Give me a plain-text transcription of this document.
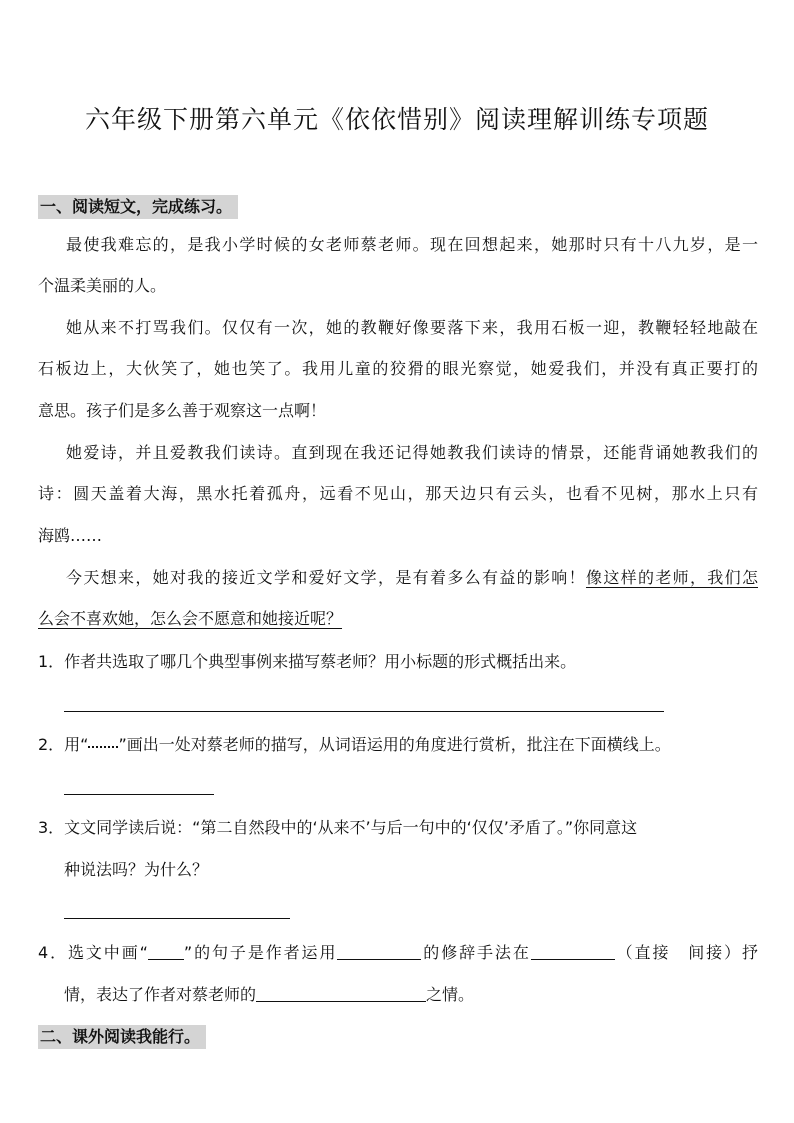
六年级下册第六单元《依依惜别》阅读理解训练专项题
一、阅读短文，完成练习。
最使我难忘的，是我小学时候的女老师蔡老师。现在回想起来，她那时只有十八九岁，是一
个温柔美丽的人。
她从来不打骂我们。仅仅有一次，她的教鞭好像要落下来，我用石板一迎，教鞭轻轻地敲在
石板边上，大伙笑了，她也笑了。我用儿童的狡猾的眼光察觉，她爱我们，并没有真正要打的
意思。孩子们是多么善于观察这一点啊！
她爱诗，并且爱教我们读诗。直到现在我还记得她教我们读诗的情景，还能背诵她教我们的
诗：圆天盖着大海，黑水托着孤舟，远看不见山，那天边只有云头，也看不见树，那水上只有
海鸥……
今天想来，她对我的接近文学和爱好文学，是有着多么有益的影响！像这样的老师，我们怎
么会不喜欢她，怎么会不愿意和她接近呢？
1．作者共选取了哪几个典型事例来描写蔡老师？用小标题的形式概括出来。
2．用“ ”画出一处对蔡老师的描写，从词语运用的角度进行赏析，批注在下面横线上。
3．文文同学读后说：“第二自然段中的‘从来不’与后一句中的‘仅仅’矛盾了。”你同意这
种说法吗？为什么？
4．选文中画“ ”的句子是作者运用	的修辞手法在	（直接　间接）抒
情，表达了作者对蔡老师的	之情。
二、课外阅读我能行。
